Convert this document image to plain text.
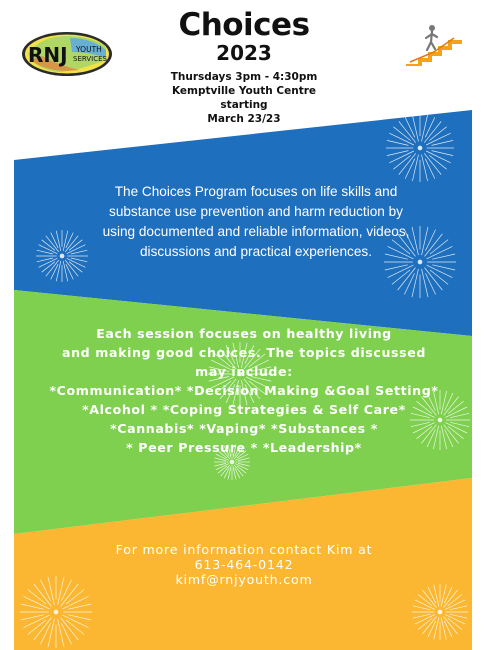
RNJ YOUTH
SERVICES
Choices
2023
Thursdays 3pm - 4:30pm
Kemptville Youth Centre
starting
March 23/23
The Choices Program focuses on life skills and
substance use prevention and harm reduction by
using documented and reliable information, videos,
discussions and practical experiences.
Each session focuses on healthy living
and making good choices. The topics discussed
may include:
*Communication* *Decision Making &Goal Setting*
*Alcohol * *Coping Strategies & Self Care*
*Cannabis* *Vaping* *Substances *
* Peer Pressure * *Leadership*
For more information contact Kim at
613-464-0142
kimf@rnjyouth.com
